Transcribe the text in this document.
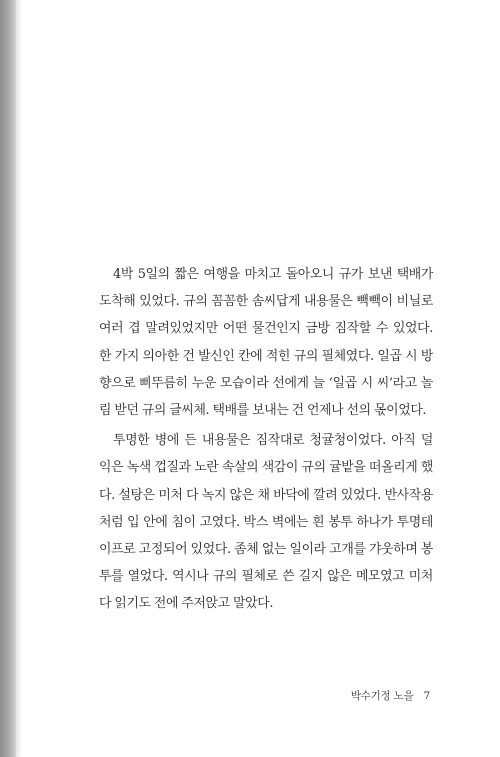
4박 5일의 짧은 여행을 마치고 돌아오니 규가 보낸 택배가 도착해 있었다. 규의 꼼꼼한 솜씨답게 내용물은 빽빽이 비닐로 여러 겹 말려있었지만 어떤 물건인지 금방 짐작할 수 있었다. 한 가지 의아한 건 발신인 칸에 적힌 규의 필체였다. 일곱 시 방향으로 삐뚜름히 누운 모습이라 선에게 늘 ‘일곱 시 씨’라고 놀림 받던 규의 글씨체. 택배를 보내는 건 언제나 선의 몫이었다.

투명한 병에 든 내용물은 짐작대로 청귤청이었다. 아직 덜 익은 녹색 껍질과 노란 속살의 색감이 규의 귤밭을 떠올리게 했다. 설탕은 미처 다 녹지 않은 채 바닥에 깔려 있었다. 반사작용처럼 입 안에 침이 고였다. 박스 벽에는 흰 봉투 하나가 투명테이프로 고정되어 있었다. 좀체 없는 일이라 고개를 갸웃하며 봉투를 열었다. 역시나 규의 필체로 쓴 길지 않은 메모였고 미처 다 읽기도 전에 주저앉고 말았다.

박수기정 노을 7
